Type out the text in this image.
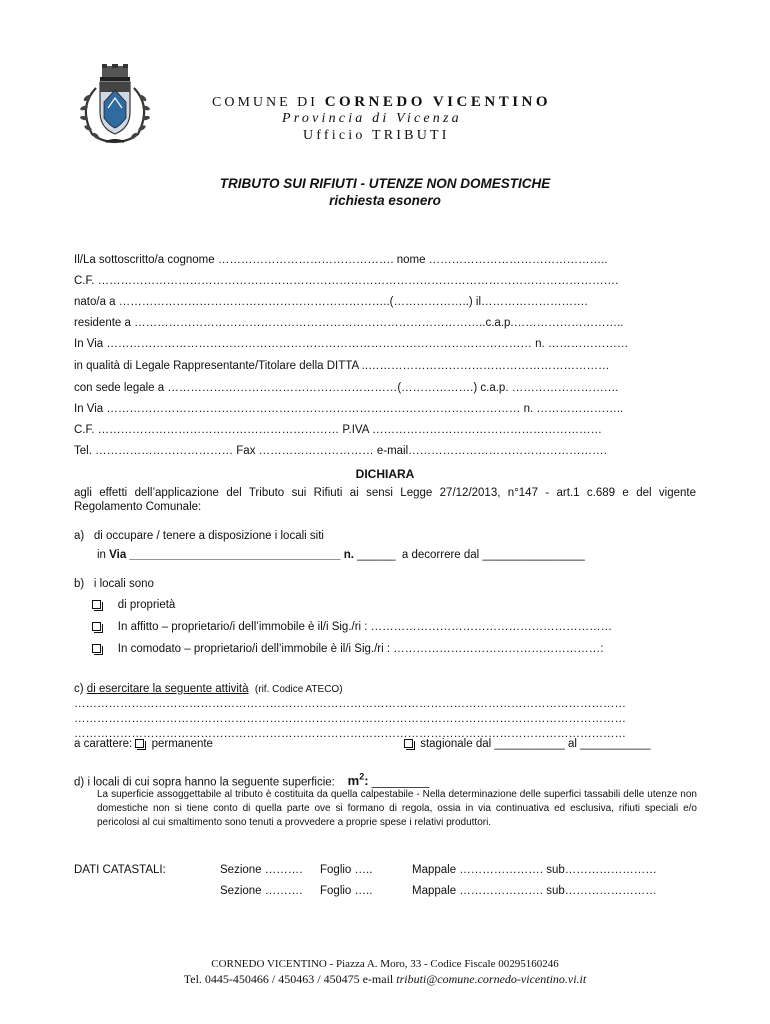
COMUNE DI CORNEDO VICENTINO
Provincia di Vicenza
Ufficio TRIBUTI
TRIBUTO SUI RIFIUTI - UTENZE NON DOMESTICHE
richiesta esonero
Il/La sottoscritto/a cognome ………………………………………. nome ………………………………………..
C.F. ……………………………………………………………………………………………………………………….
nato/a a ……………………………………………………………..(………………..) il……………………….
residente a ………………………………………………………………………………..c.a.p.………………………..
In Via ………………………………………………………………………………………………… n. …………………
in qualità di Legale Rappresentante/Titolare della DITTA ..………………………………………………………
con sede legale a ……………………………………………………(……………….) c.a.p. ……………………….
In Via ……………………………………………………………………………………………… n. …………………..
C.F. ……………………………………………………… P.IVA ……………………………………………………
Tel. ……………………………… Fax ………………………… e-mail…………………………………………….
DICHIARA
agli effetti dell’applicazione del Tributo sui Rifiuti ai sensi Legge 27/12/2013, n°147 - art.1 c.689 e del vigente Regolamento Comunale:
a) di occupare / tenere a disposizione i locali siti
in Via _________________________________ n. ______ a decorrere dal ________________
b) i locali sono
di proprietà
In affitto – proprietario/i dell’immobile è il/i Sig./ri : ………………………………………………………
In comodato – proprietario/i dell’immobile è il/i Sig./ri : ………………………………………………:
c) di esercitare la seguente attività (rif. Codice ATECO)
………………………………………………………………………………………………………………………………
………………………………………………………………………………………………………………………………
………………………………………………………………………………………………………………………………
a carattere: permanente	stagionale dal ___________ al ___________
d) i locali di cui sopra hanno la seguente superficie: $m^2$: _________
La superficie assoggettabile al tributo è costituita da quella calpestabile - Nella determinazione delle superfici tassabili delle utenze non domestiche non si tiene conto di quella parte ove si formano di regola, ossia in via continuativa ed esclusiva, rifiuti speciali e/o pericolosi al cui smaltimento sono tenuti a provvedere a proprie spese i relativi produttori.
DATI CATASTALI:	Sezione ………. Foglio …..	Mappale …………………. sub……………………
Sezione ………. Foglio …..	Mappale …………………. sub……………………
CORNEDO VICENTINO - Piazza A. Moro, 33 - Codice Fiscale 00295160246
Tel. 0445-450466 / 450463 / 450475 e-mail tributi@comune.cornedo-vicentino.vi.it
